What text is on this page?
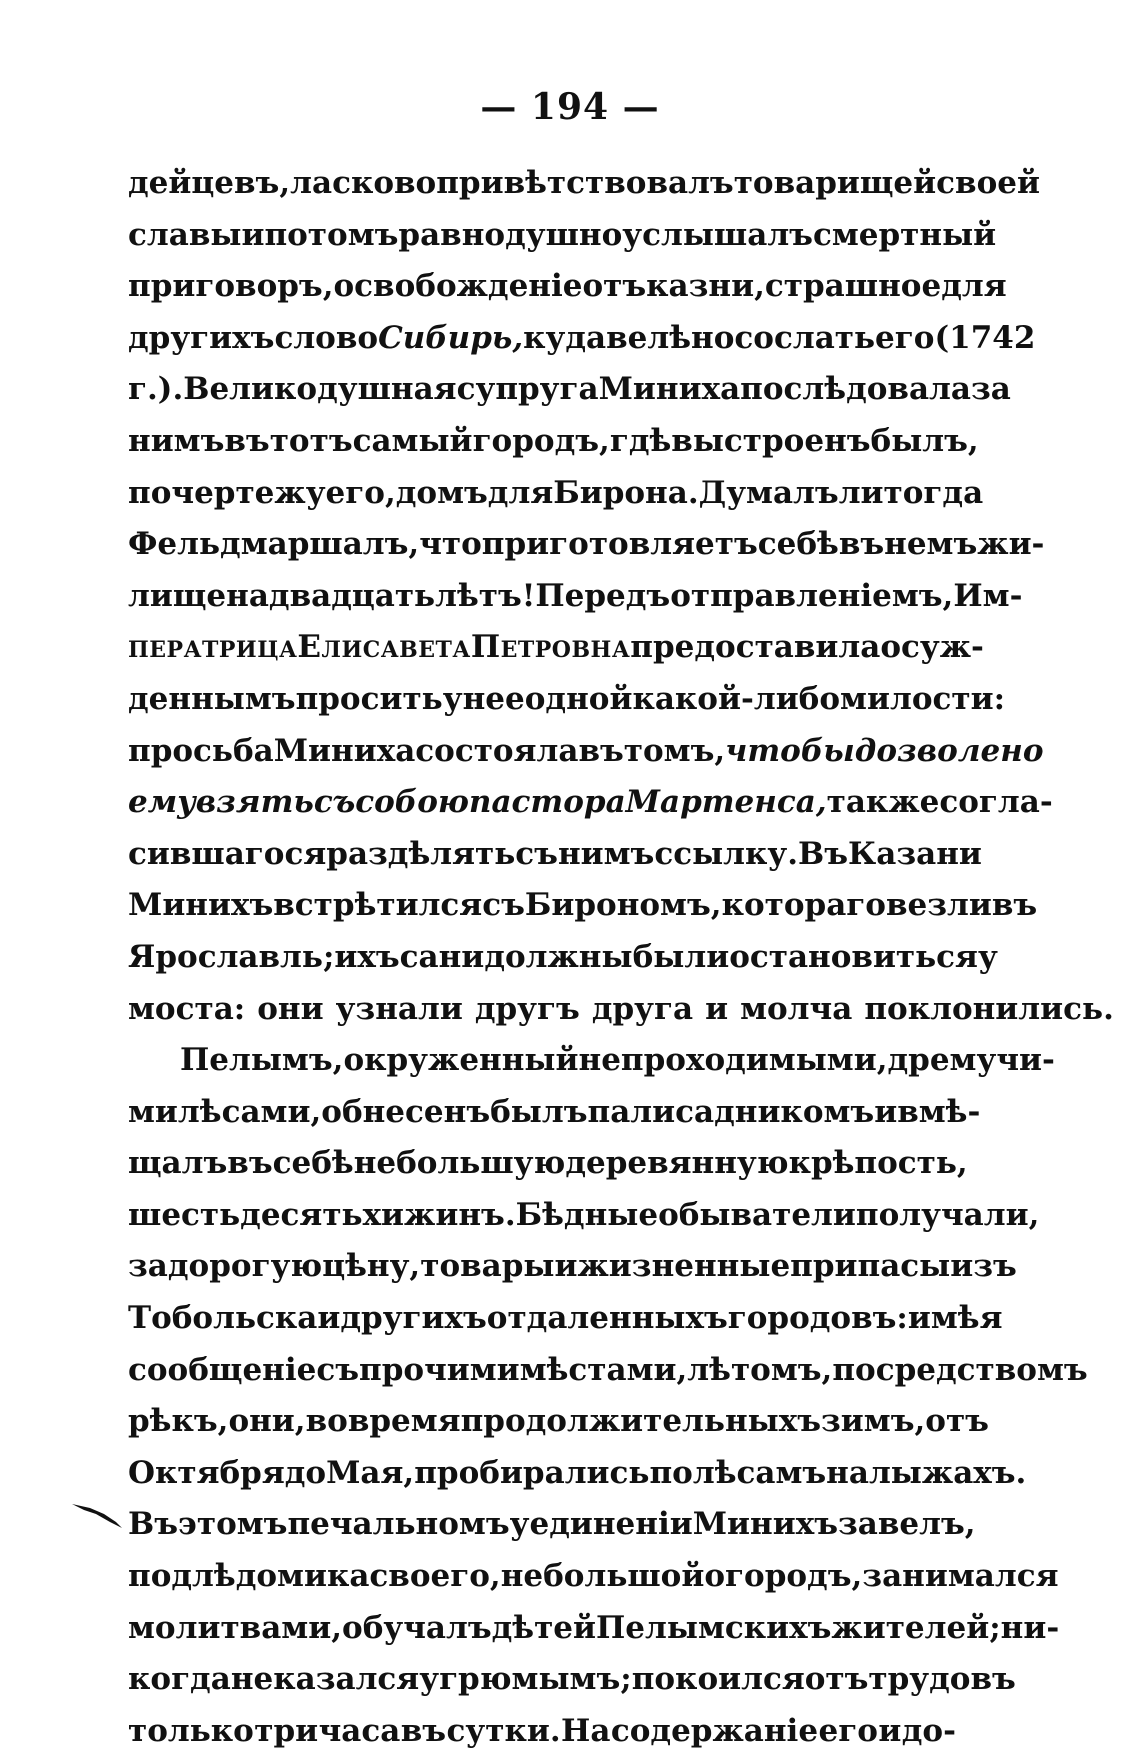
— 194 —
дейцевъ, ласково привѣтствовалъ товарищей своей
славы и потомъ равнодушно услышалъ смертный
приговоръ, освобожденіе отъ казни , страшное для
другихъ слово Сибирь, куда велѣно сослать его (1742
г.). Великодушная супруга Миниха послѣдовала за
нимъ въ тотъ самый городъ, гдѣ выстроенъ былъ,
по чертежу его, домъ для Бирона. Думалъ ли тогда
Фельдмаршалъ, что приготовляетъ себѣ въ немъ жи-
лище на двадцать лѣтъ! Передъ отправленіемъ, Им-
ператрица Елисавета Петровна предоставила осуж-
деннымъ просить у нее одной какой-либо милости :
просьба Миниха состояла въ томъ, чтобы дозволено
ему взять съ собою пастора Мартенса, также согла-
сившагося раздѣлять съ нимъ ссылку. Въ Казани
Минихъ встрѣтился съ Бирономъ, котораго везли въ
Ярославль; ихъ сани должны были остановиться у
моста: они узнали другъ друга и молча поклонились.
Пелымъ, окруженный непроходимыми, дремучи-
ми лѣсами , обнесенъ былъ палисадникомъ и вмѣ-
щалъ въ себѣ небольшую деревянную крѣпость ,
шестьдесять хижинъ. Бѣдные обыватели получали,
за дорогую цѣну, товары и жизненные припасы изъ
Тобольска и другихъ отдаленныхъ городовъ : имѣя
сообщеніе съ прочими мѣстами, лѣтомъ, посредствомъ
рѣкъ, они, во время продолжительныхъ зимъ, отъ
Октября до Мая, пробирались по лѣсамъ на лыжахъ.
Въ этомъ печальномъ уединеніи Минихъ завелъ,
подлѣ домика своего, небольшой огородъ, занимался
молитвами, обучалъ дѣтей Пелымскихъ жителей; ни-
когда не казался угрюмымъ; покоился отъ трудовъ
только три часа въ сутки. На содержаніе его и до-
